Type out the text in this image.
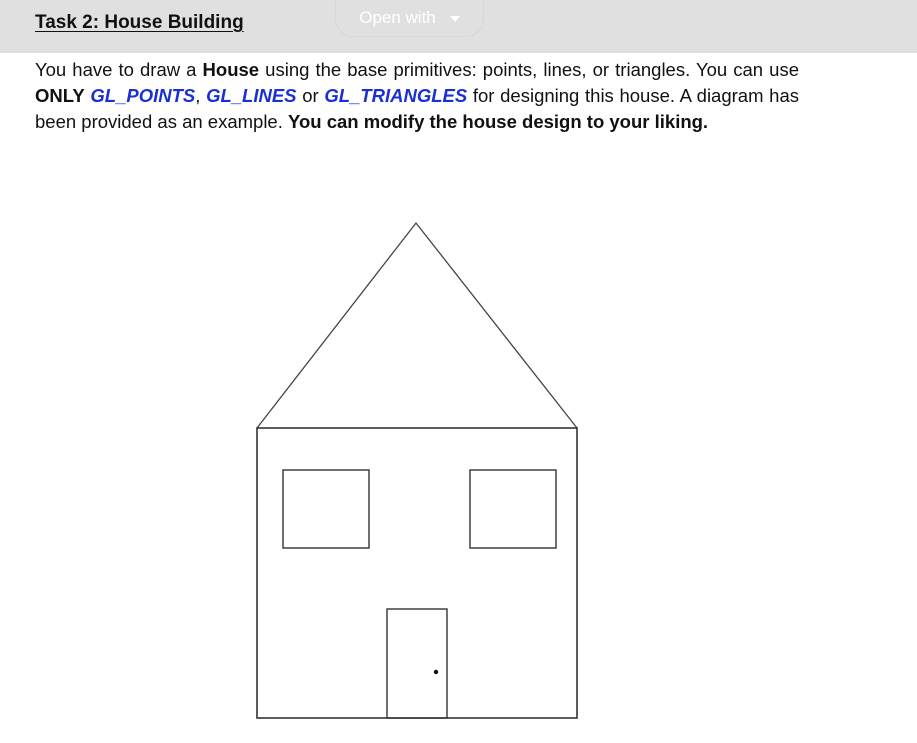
Task 2: House Building	Open with
You have to draw a House using the base primitives: points, lines, or triangles. You can use ONLY GL_POINTS, GL_LINES or GL_TRIANGLES for designing this house. A diagram has been provided as an example. You can modify the house design to your liking.
